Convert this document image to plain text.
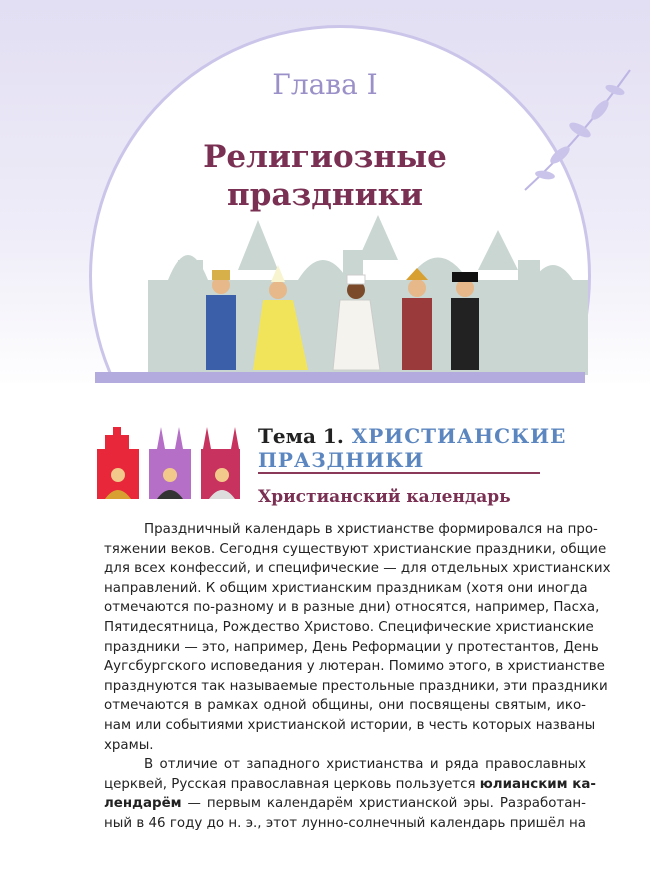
Глава I
Религиозные
праздники
Тема 1. ХРИСТИАНСКИЕ
ПРАЗДНИКИ
Христианский календарь
Праздничный календарь в христианстве формировался на про-
тяжении веков. Сегодня существуют христианские праздники, общие
для всех конфессий, и специфические — для отдельных христианских
направлений. К общим христианским праздникам (хотя они иногда
отмечаются по-разному и в разные дни) относятся, например, Пасха,
Пятидесятница, Рождество Христово. Специфические христианские
праздники — это, например, День Реформации у протестантов, День
Аугсбургского исповедания у лютеран. Помимо этого, в христианстве
празднуются так называемые престольные праздники, эти праздники
отмечаются в рамках одной общины, они посвящены святым, ико-
нам или событиями христианской истории, в честь которых названы
храмы.
В отличие от западного христианства и ряда православных
церквей, Русская православная церковь пользуется юлианским ка-
лендарём — первым календарём христианской эры. Разработан-
ный в 46 году до н. э., этот лунно-солнечный календарь пришёл на
